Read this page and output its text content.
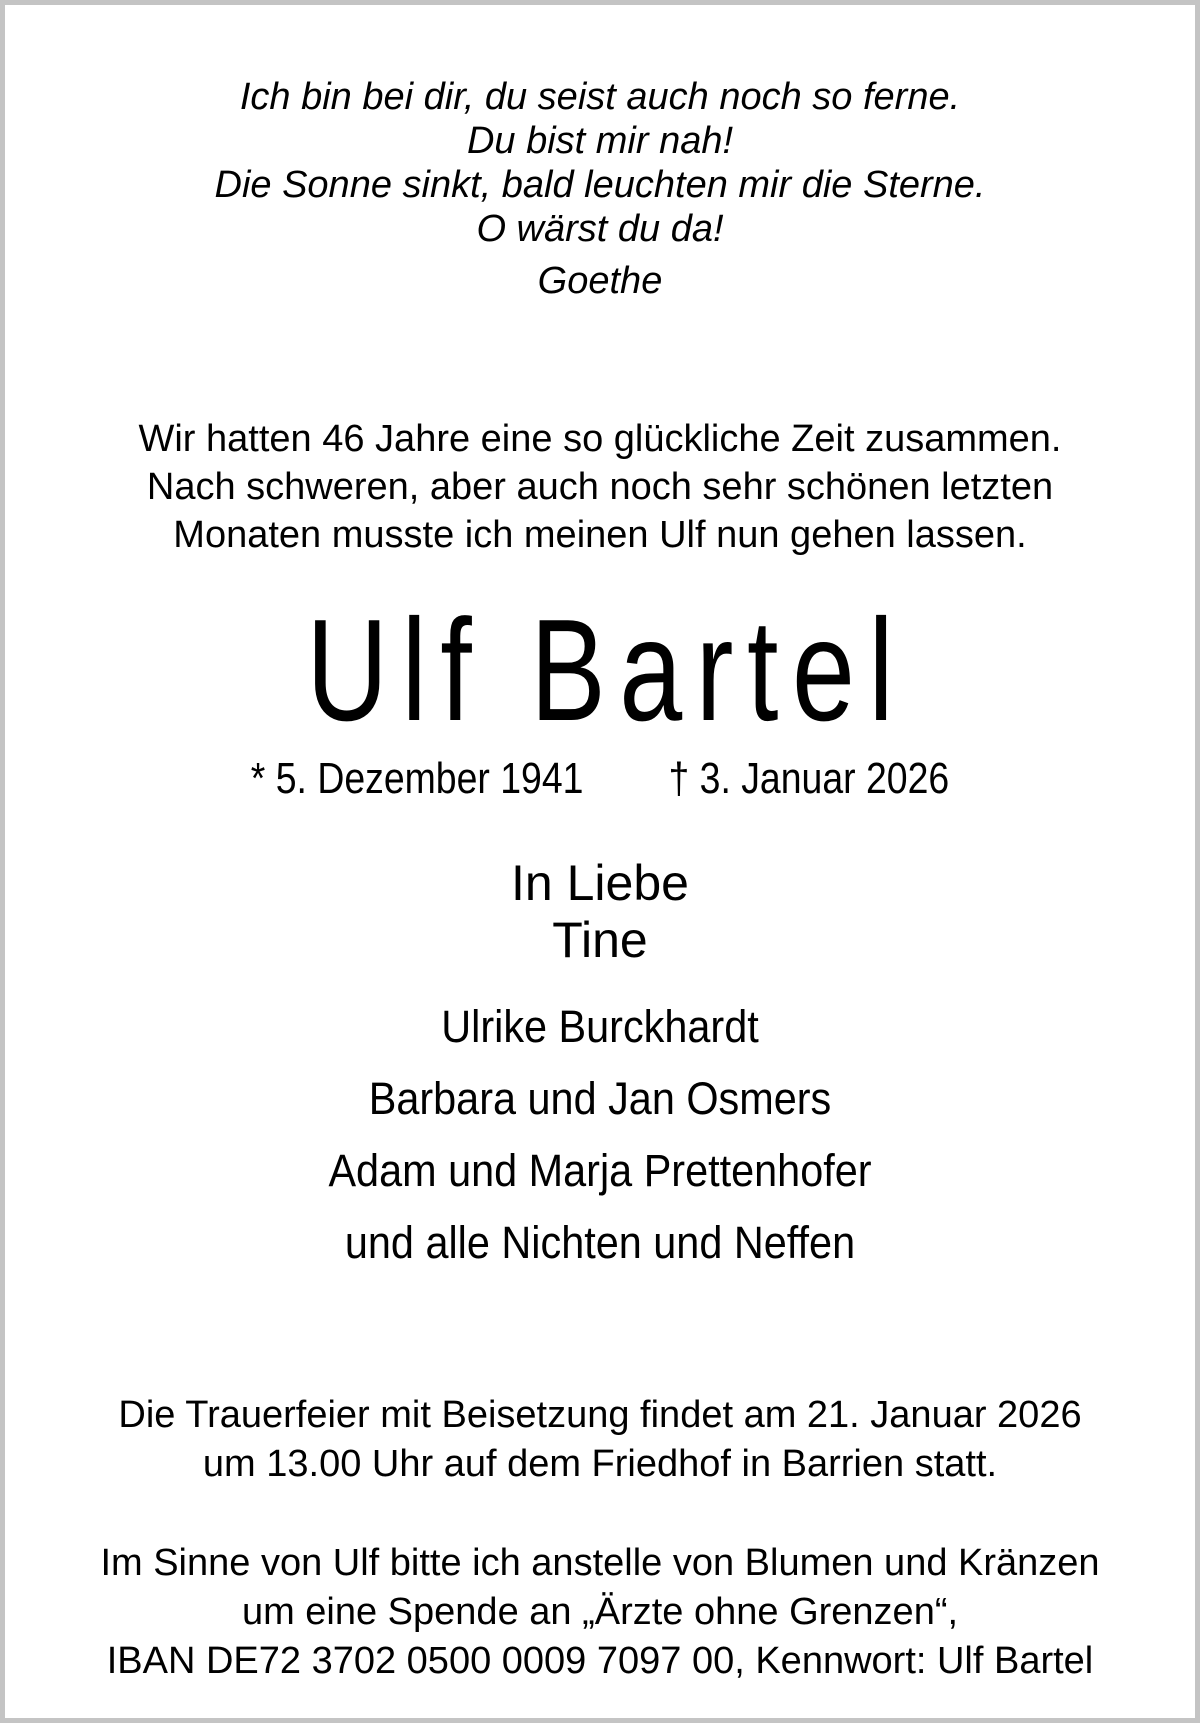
Ich bin bei dir, du seist auch noch so ferne.
Du bist mir nah!
Die Sonne sinkt, bald leuchten mir die Sterne.
O wärst du da!
Goethe
Wir hatten 46 Jahre eine so glückliche Zeit zusammen.
Nach schweren, aber auch noch sehr schönen letzten
Monaten musste ich meinen Ulf nun gehen lassen.
Ulf Bartel
* 5. Dezember 1941 † 3. Januar 2026
In Liebe
Tine
Ulrike Burckhardt
Barbara und Jan Osmers
Adam und Marja Prettenhofer
und alle Nichten und Neffen
Die Trauerfeier mit Beisetzung findet am 21. Januar 2026
um 13.00 Uhr auf dem Friedhof in Barrien statt.
Im Sinne von Ulf bitte ich anstelle von Blumen und Kränzen
um eine Spende an „Ärzte ohne Grenzen“,
IBAN DE72 3702 0500 0009 7097 00, Kennwort: Ulf Bartel
